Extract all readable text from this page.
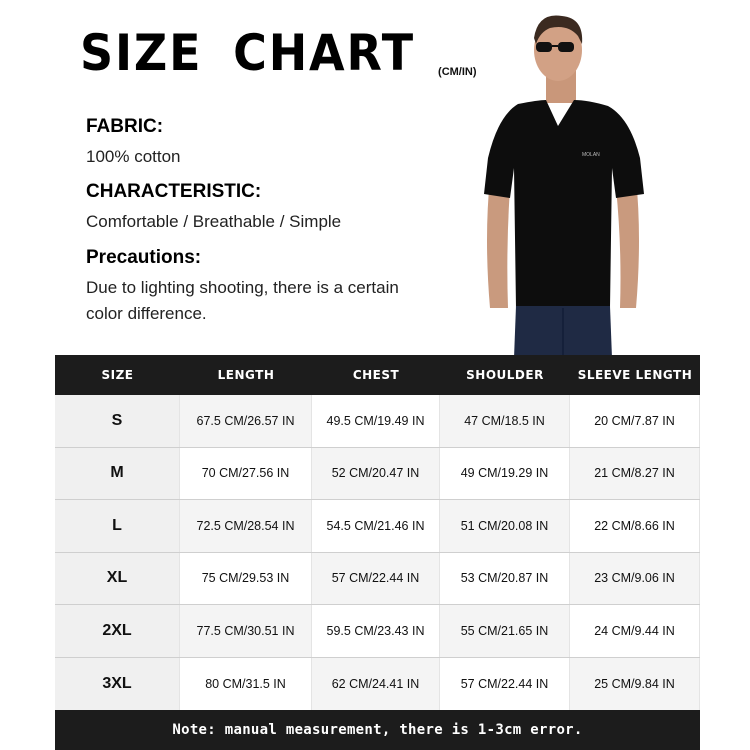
SIZE CHART (CM/IN)
FABRIC:

100% cotton

CHARACTERISTIC:

Comfortable / Breathable / Simple

Precautions:

Due to lighting shooting, there is a certain

color difference.

MOLAN
SIZE	LENGTH	CHEST	SHOULDER	SLEEVE LENGTH
S	67.5 CM/26.57 IN	49.5 CM/19.49 IN	47 CM/18.5 IN	20 CM/7.87 IN
M	70 CM/27.56 IN	52 CM/20.47 IN	49 CM/19.29 IN	21 CM/8.27 IN
L	72.5 CM/28.54 IN	54.5 CM/21.46 IN	51 CM/20.08 IN	22 CM/8.66 IN
XL	75 CM/29.53 IN	57 CM/22.44 IN	53 CM/20.87 IN	23 CM/9.06 IN
2XL	77.5 CM/30.51 IN	59.5 CM/23.43 IN	55 CM/21.65 IN	24 CM/9.44 IN
3XL	80 CM/31.5 IN	62 CM/24.41 IN	57 CM/22.44 IN	25 CM/9.84 IN
Note: manual measurement, there is 1-3cm error.
